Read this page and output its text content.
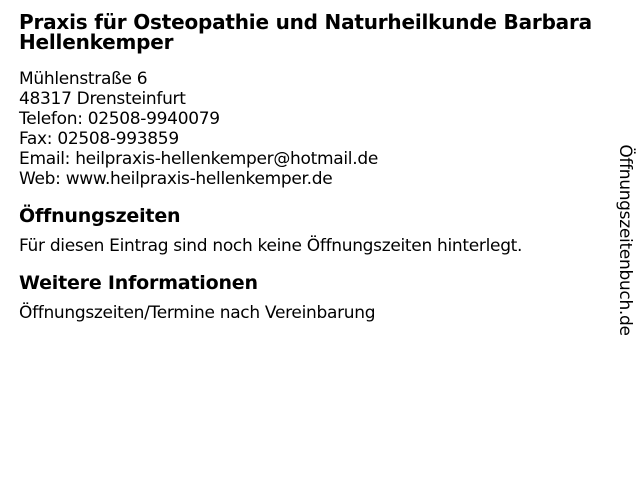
Praxis für Osteopathie und Naturheilkunde Barbara Hellenkemper
Mühlenstraße 6
48317 Drensteinfurt
Telefon: 02508-9940079
Fax: 02508-993859
Email: heilpraxis-hellenkemper@hotmail.de
Web: www.heilpraxis-hellenkemper.de
Öffnungszeiten

Für diesen Eintrag sind noch keine Öffnungszeiten hinterlegt.

Weitere Informationen

Öffnungszeiten/Termine nach Vereinbarung	Öffnungszeitenbuch.de
